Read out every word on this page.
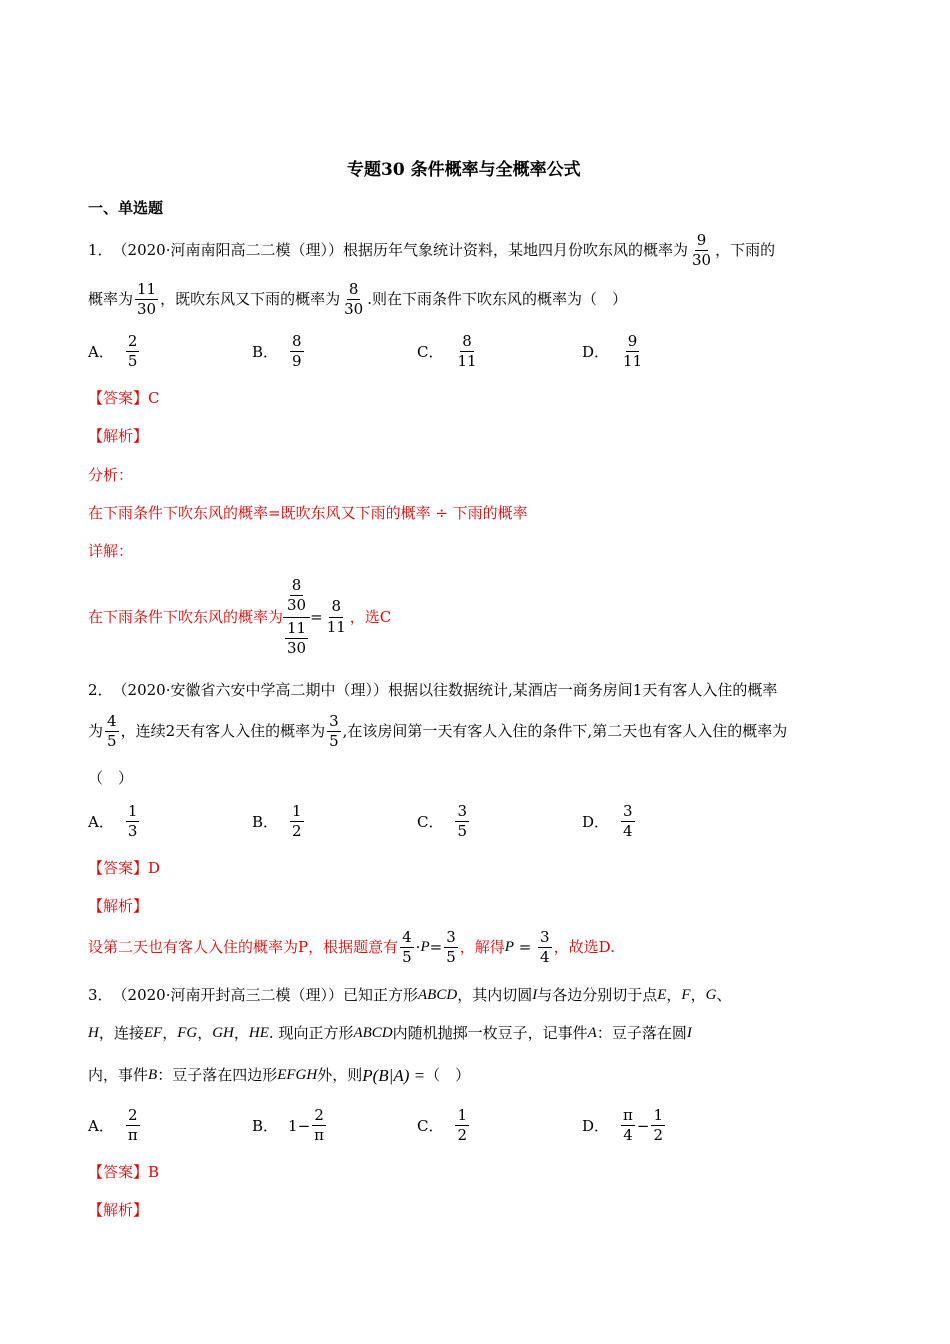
专题30 条件概率与全概率公式
一、单选题
1． （2020·河南南阳高二二模（理）） 根据历年气象统计资料，某地四月份吹东风的概率为 $\frac{9}{30}$ ，下雨的
概率为 $\frac{11}{30}$ ，既吹东风又下雨的概率为 $\frac{8}{30}$ .则在下雨条件下吹东风的概率为（　）
A． $\frac{2}{5}$	B． $\frac{8}{9}$	C． $\frac{8}{11}$	D． $\frac{9}{11}$
【答案】C
【解析】
分析：
在下雨条件下吹东风的概率=既吹东风又下雨的概率 ÷ 下雨的概率
详解：
在下雨条件下吹东风的概率为 $\frac{\frac{8}{30}}{\frac{11}{30}} = \frac{8}{11}$ ，选C
2． （2020·安徽省六安中学高二期中（理）） 根据以往数据统计,某酒店一商务房间1天有客人入住的概率
为 $\frac{4}{5}$ ，连续2天有客人入住的概率为 $\frac{3}{5}$ ,在该房间第一天有客人入住的条件下,第二天也有客人入住的概率为
（　）
A． $\frac{1}{3}$	B． $\frac{1}{2}$	C． $\frac{3}{5}$	D． $\frac{3}{4}$
【答案】D
【解析】
设第二天也有客人入住的概率为P，根据题意有 $\frac{4}{5} \cdot P = \frac{3}{5}$ ，解得 $P = \frac{3}{4}$ ，故选D.
3． （2020·河南开封高三二模（理）） 已知正方形 ABCD ，其内切圆 I 与各边分别切于点 E ， F ， G 、
H ，连接 EF ， FG ， GH ， HE . 现向正方形 ABCD 内随机抛掷一枚豆子，记事件 A ：豆子落在圆 I
内，事件 B ：豆子落在四边形 EFGH 外，则 P(B|A) = （　）
A． $\frac{2}{\pi}$	B． $1- \frac{2}{\pi}$	C． $\frac{1}{2}$	D． $\frac{\pi}{4} - \frac{1}{2}$
【答案】B
【解析】
